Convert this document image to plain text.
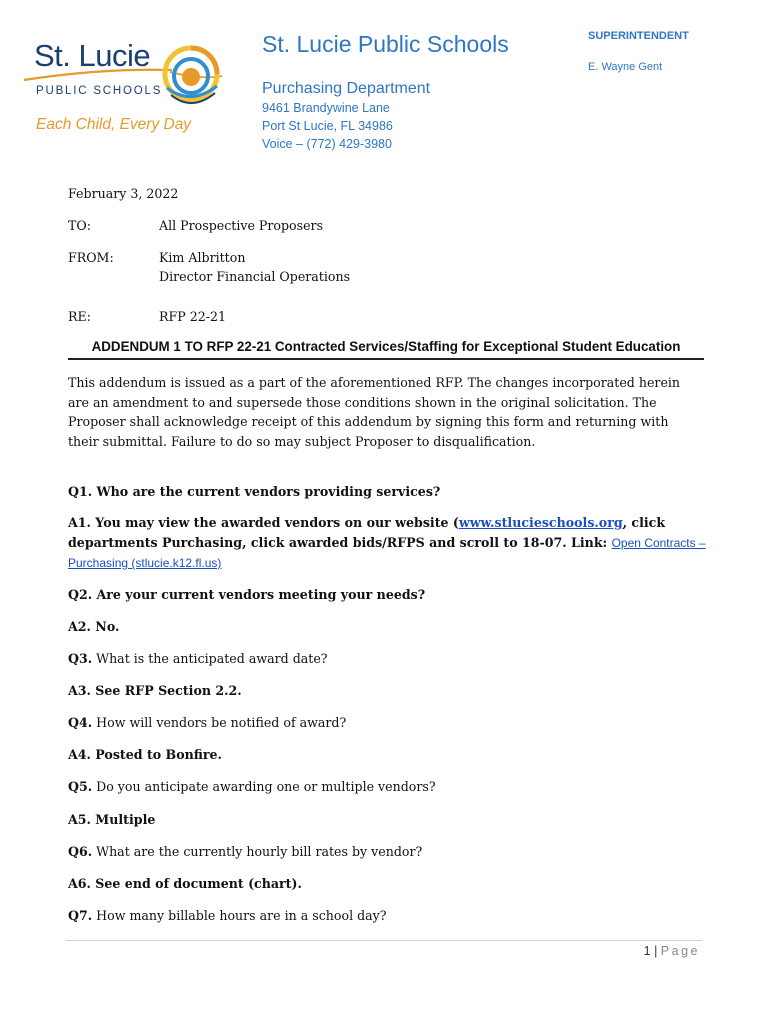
St. Lucie
PUBLIC SCHOOLS
Each Child, Every Day
St. Lucie Public Schools
Purchasing Department
9461 Brandywine Lane
Port St Lucie, FL 34986
Voice – (772) 429-3980
SUPERINTENDENT
E. Wayne Gent
February 3, 2022
TO:	All Prospective Proposers
FROM:	Kim Albritton
Director Financial Operations
RE:	RFP 22-21
ADDENDUM 1 TO RFP 22-21 Contracted Services/Staffing for Exceptional Student Education
This addendum is issued as a part of the aforementioned RFP. The changes incorporated herein are an amendment to and supersede those conditions shown in the original solicitation. The Proposer shall acknowledge receipt of this addendum by signing this form and returning with their submittal. Failure to do so may subject Proposer to disqualification.
Q1. Who are the current vendors providing services?
A1. You may view the awarded vendors on our website (www.stlucieschools.org, click departments Purchasing, click awarded bids/RFPS and scroll to 18-07. Link: Open Contracts – Purchasing (stlucie.k12.fl.us)
Q2. Are your current vendors meeting your needs?
A2. No.
Q3. What is the anticipated award date?
A3. See RFP Section 2.2.
Q4. How will vendors be notified of award?
A4. Posted to Bonfire.
Q5. Do you anticipate awarding one or multiple vendors?
A5. Multiple
Q6. What are the currently hourly bill rates by vendor?
A6. See end of document (chart).
Q7. How many billable hours are in a school day?
1 | Page
